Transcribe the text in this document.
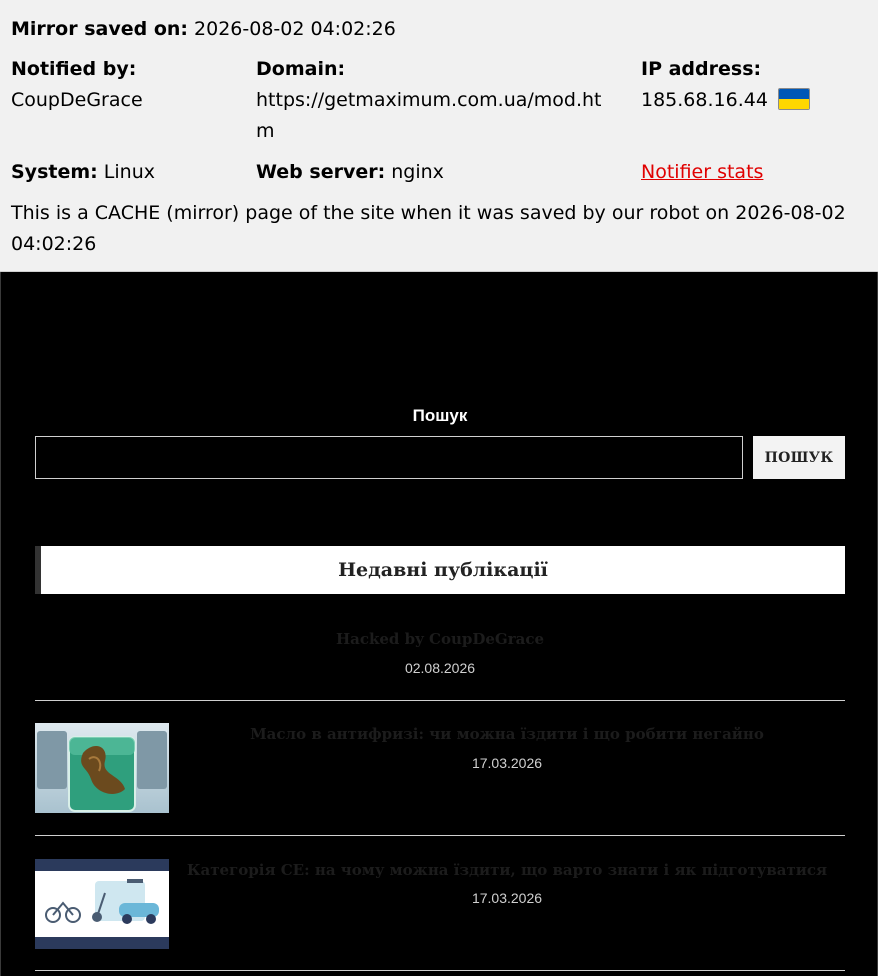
Mirror saved on: 2026-08-02 04:02:26
Notified by:
CoupDeGrace
Domain:
https://getmaximum.com.ua/mod.htm
IP address:
185.68.16.44
System: Linux	Web server: nginx	Notifier stats
This is a CACHE (mirror) page of the site when it was saved by our robot on 2026-08-02 04:02:26
Пошук
ПОШУК
Недавні публікації
Hacked by CoupDeGrace
02.08.2026
Масло в антифризі: чи можна їздити і що робити негайно
17.03.2026
Категорія CE: на чому можна їздити, що варто знати і як підготуватися
17.03.2026
